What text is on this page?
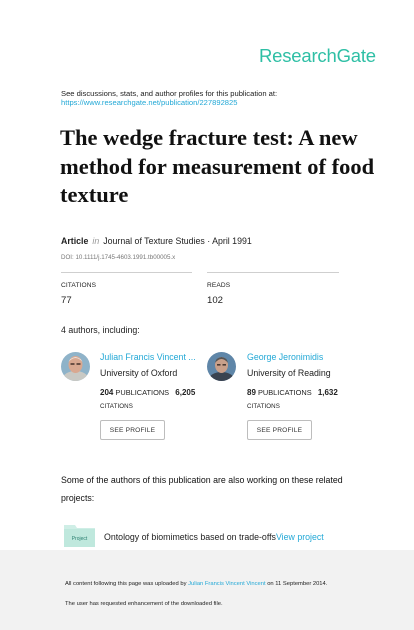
ResearchGate
See discussions, stats, and author profiles for this publication at:
https://www.researchgate.net/publication/227892825
The wedge fracture test: A new method for measurement of food texture
Article in Journal of Texture Studies · April 1991
DOI: 10.1111/j.1745-4603.1991.tb00005.x
CITATIONS
77
READS
102
4 authors, including:
Julian Francis Vincent ...
University of Oxford
204 PUBLICATIONS 6,205
CITATIONS
SEE PROFILE
George Jeronimidis
University of Reading
89 PUBLICATIONS 1,632
CITATIONS
SEE PROFILE
Some of the authors of this publication are also working on these related projects:
Project Ontology of biomimetics based on trade-offsView project
All content following this page was uploaded by Julian Francis Vincent Vincent on 11 September 2014.
The user has requested enhancement of the downloaded file.
